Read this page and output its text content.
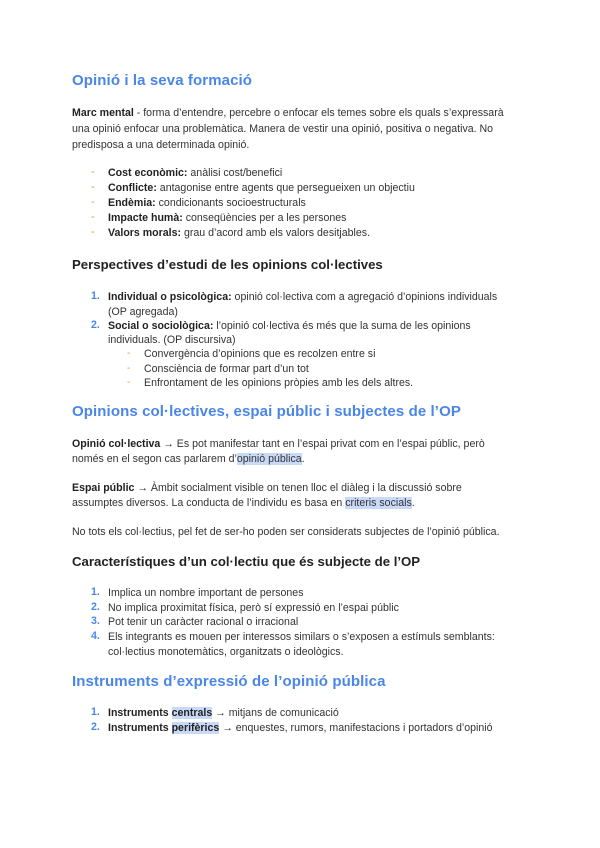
Opinió i la seva formació
Marc mental - forma d’entendre, percebre o enfocar els temes sobre els quals s’expressarà
una opinió enfocar una problemàtica. Manera de vestir una opinió, positiva o negativa. No
predisposa a una determinada opinió.
- Cost econòmic: anàlisi cost/benefici
- Conflicte: antagonise entre agents que persegueixen un objectiu
- Endèmia: condicionants socioestructurals
- Impacte humà: conseqüències per a les persones
- Valors morals: grau d’acord amb els valors desitjables.
Perspectives d’estudi de les opinions col·lectives
1. Individual o psicològica: opinió col·lectiva com a agregació d’opinions individuals
(OP agregada)
2. Social o sociològica: l’opinió col·lectiva és més que la suma de les opinions
individuals. (OP discursiva)
- Convergència d’opinions que es recolzen entre si
- Consciència de formar part d’un tot
- Enfrontament de les opinions pròpies amb les dels altres.
Opinions col·lectives, espai públic i subjectes de l’OP
Opinió col·lectiva → Es pot manifestar tant en l’espai privat com en l’espai públic, però
només en el segon cas parlarem d’opinió pública.
Espai públic → Àmbit socialment visible on tenen lloc el diàleg i la discussió sobre
assumptes diversos. La conducta de l’individu es basa en criteris socials.
No tots els col·lectius, pel fet de ser-ho poden ser considerats subjectes de l’opinió pública.
Característiques d’un col·lectiu que és subjecte de l’OP
1. Implica un nombre important de persones
2. No implica proximitat física, però sí expressió en l’espai públic
3. Pot tenir un caràcter racional o irracional
4. Els integrants es mouen per interessos similars o s’exposen a estímuls semblants:
col·lectius monotemàtics, organitzats o ideològics.
Instruments d’expressió de l’opinió pública
1. Instruments centrals → mitjans de comunicació
2. Instruments perifèrics → enquestes, rumors, manifestacions i portadors d’opinió
